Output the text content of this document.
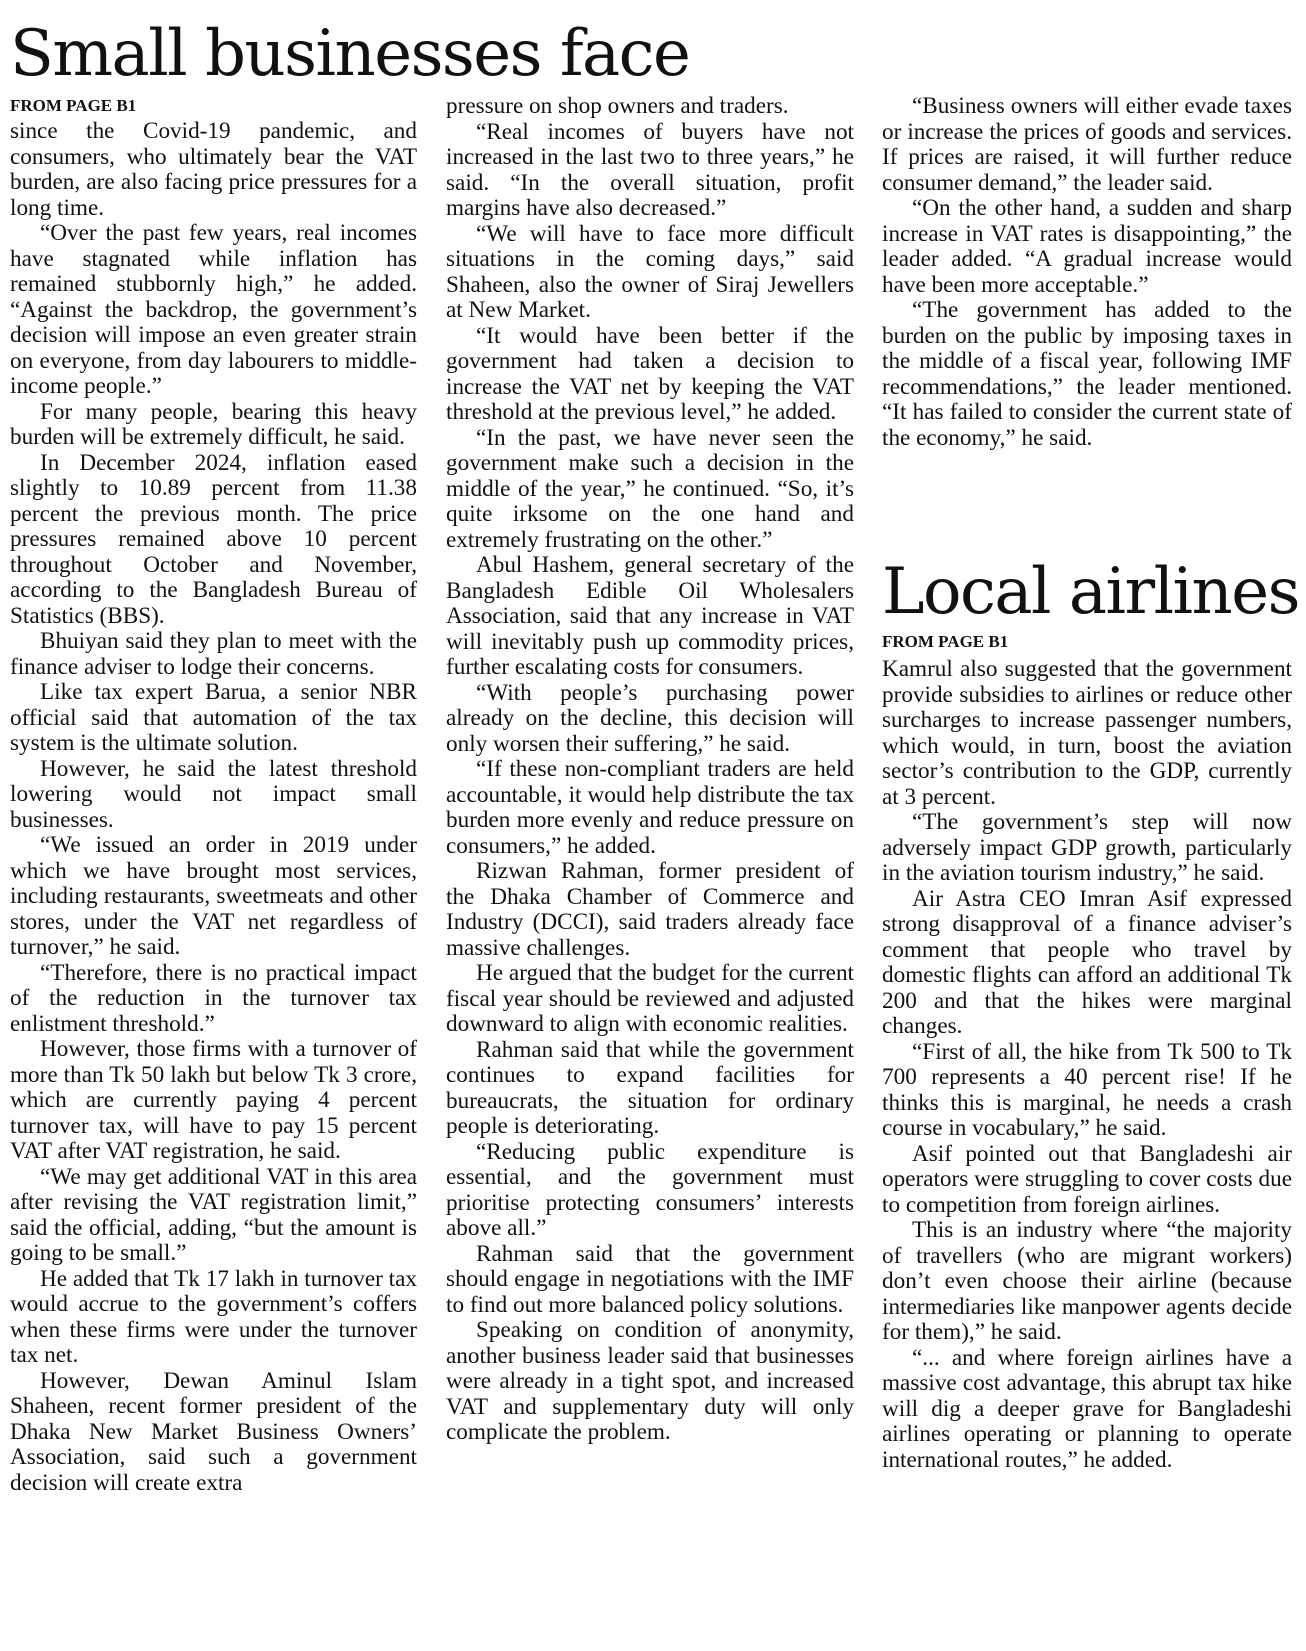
Small businesses face
FROM PAGE B1

since the Covid-19 pandemic, and consumers, who ultimately bear the VAT burden, are also facing price pressures for a long time.

“Over the past few years, real incomes have stagnated while inflation has remained stubbornly high,” he added. “Against the backdrop, the government’s decision will impose an even greater strain on everyone, from day labourers to middle-income people.”

For many people, bearing this heavy burden will be extremely difficult, he said.

In December 2024, inflation eased slightly to 10.89 percent from 11.38 percent the previous month. The price pressures remained above 10 percent throughout October and November, according to the Bangladesh Bureau of Statistics (BBS).

Bhuiyan said they plan to meet with the finance adviser to lodge their concerns.

Like tax expert Barua, a senior NBR official said that automation of the tax system is the ultimate solution.

However, he said the latest threshold lowering would not impact small businesses.

“We issued an order in 2019 under which we have brought most services, including restaurants, sweetmeats and other stores, under the VAT net regardless of turnover,” he said.

“Therefore, there is no practical impact of the reduction in the turnover tax enlistment threshold.”

However, those firms with a turnover of more than Tk 50 lakh but below Tk 3 crore, which are currently paying 4 percent turnover tax, will have to pay 15 percent VAT after VAT registration, he said.

“We may get additional VAT in this area after revising the VAT registration limit,” said the official, adding, “but the amount is going to be small.”

He added that Tk 17 lakh in turnover tax would accrue to the government’s coffers when these firms were under the turnover tax net.

However, Dewan Aminul Islam Shaheen, recent former president of the Dhaka New Market Business Owners’ Association, said such a government decision will create extra

pressure on shop owners and traders.

“Real incomes of buyers have not increased in the last two to three years,” he said. “In the overall situation, profit margins have also decreased.”

“We will have to face more difficult situations in the coming days,” said Shaheen, also the owner of Siraj Jewellers at New Market.

“It would have been better if the government had taken a decision to increase the VAT net by keeping the VAT threshold at the previous level,” he added.

“In the past, we have never seen the government make such a decision in the middle of the year,” he continued. “So, it’s quite irksome on the one hand and extremely frustrating on the other.”

Abul Hashem, general secretary of the Bangladesh Edible Oil Wholesalers Association, said that any increase in VAT will inevitably push up commodity prices, further escalating costs for consumers.

“With people’s purchasing power already on the decline, this decision will only worsen their suffering,” he said.

“If these non-compliant traders are held accountable, it would help distribute the tax burden more evenly and reduce pressure on consumers,” he added.

Rizwan Rahman, former president of the Dhaka Chamber of Commerce and Industry (DCCI), said traders already face massive challenges.

He argued that the budget for the current fiscal year should be reviewed and adjusted downward to align with economic realities.

Rahman said that while the government continues to expand facilities for bureaucrats, the situation for ordinary people is deteriorating.

“Reducing public expenditure is essential, and the government must prioritise protecting consumers’ interests above all.”

Rahman said that the government should engage in negotiations with the IMF to find out more balanced policy solutions.

Speaking on condition of anonymity, another business leader said that businesses were already in a tight spot, and increased VAT and supplementary duty will only complicate the problem.

“Business owners will either evade taxes or increase the prices of goods and services. If prices are raised, it will further reduce consumer demand,” the leader said.

“On the other hand, a sudden and sharp increase in VAT rates is disappointing,” the leader added. “A gradual increase would have been more acceptable.”

“The government has added to the burden on the public by imposing taxes in the middle of a fiscal year, following IMF recommendations,” the leader mentioned. “It has failed to consider the current state of the economy,” he said.

Local airlines
FROM PAGE B1

Kamrul also suggested that the government provide subsidies to airlines or reduce other surcharges to increase passenger numbers, which would, in turn, boost the aviation sector’s contribution to the GDP, currently at 3 percent.

“The government’s step will now adversely impact GDP growth, particularly in the aviation tourism industry,” he said.

Air Astra CEO Imran Asif expressed strong disapproval of a finance adviser’s comment that people who travel by domestic flights can afford an additional Tk 200 and that the hikes were marginal changes.

“First of all, the hike from Tk 500 to Tk 700 represents a 40 percent rise! If he thinks this is marginal, he needs a crash course in vocabulary,” he said.

Asif pointed out that Bangladeshi air operators were struggling to cover costs due to competition from foreign airlines.

This is an industry where “the majority of travellers (who are migrant workers) don’t even choose their airline (because intermediaries like manpower agents decide for them),” he said.

“... and where foreign airlines have a massive cost advantage, this abrupt tax hike will dig a deeper grave for Bangladeshi airlines operating or planning to operate international routes,” he added.
